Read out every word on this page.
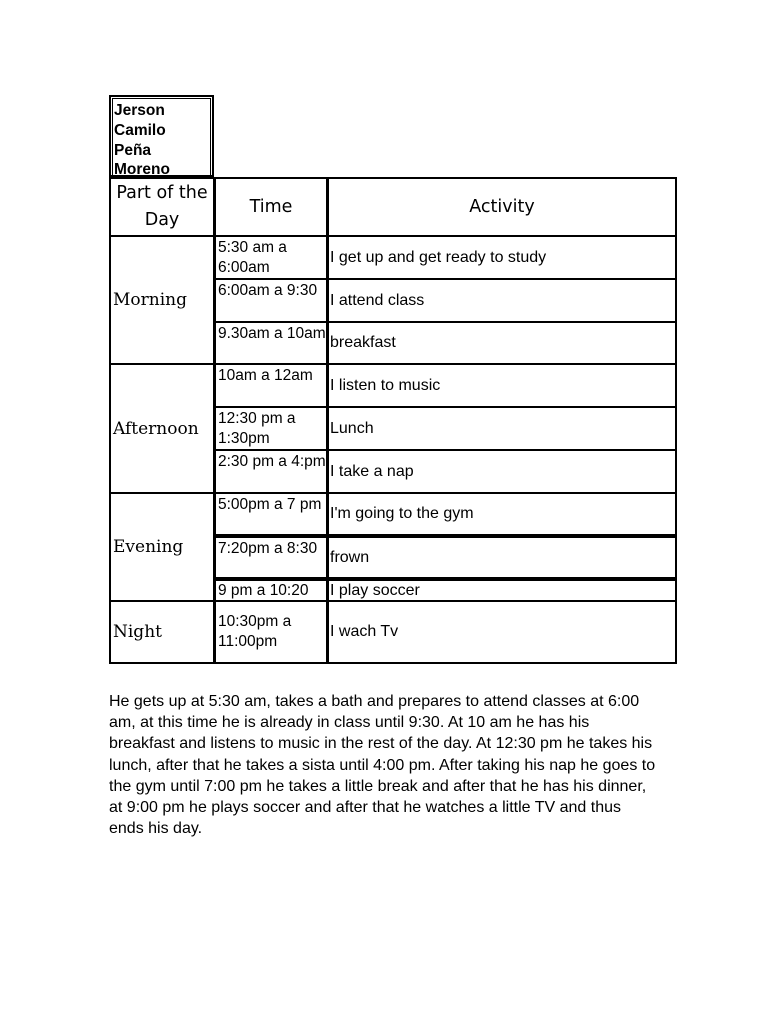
Jerson
Camilo
Peña
Moreno
Part of the Day
Time	Activity
Morning
5:30 am a 6:00am
I get up and get ready to study
6:00am a 9:30
I attend class
9.30am a 10am
breakfast
Afternoon
10am a 12am
I listen to music
12:30 pm a 1:30pm
Lunch
2:30 pm a 4:pm
I take a nap
Evening
5:00pm a 7 pm
I'm going to the gym
7:20pm a 8:30 frown
9 pm a 10:20	I play soccer
Night
10:30pm a 11:00pm
I wach Tv
He gets up at 5:30 am, takes a bath and prepares to attend classes at 6:00 am, at this time he is already in class until 9:30. At 10 am he has his breakfast and listens to music in the rest of the day. At 12:30 pm he takes his lunch, after that he takes a sista until 4:00 pm. After taking his nap he goes to the gym until 7:00 pm he takes a little break and after that he has his dinner, at 9:00 pm he plays soccer and after that he watches a little TV and thus ends his day.
